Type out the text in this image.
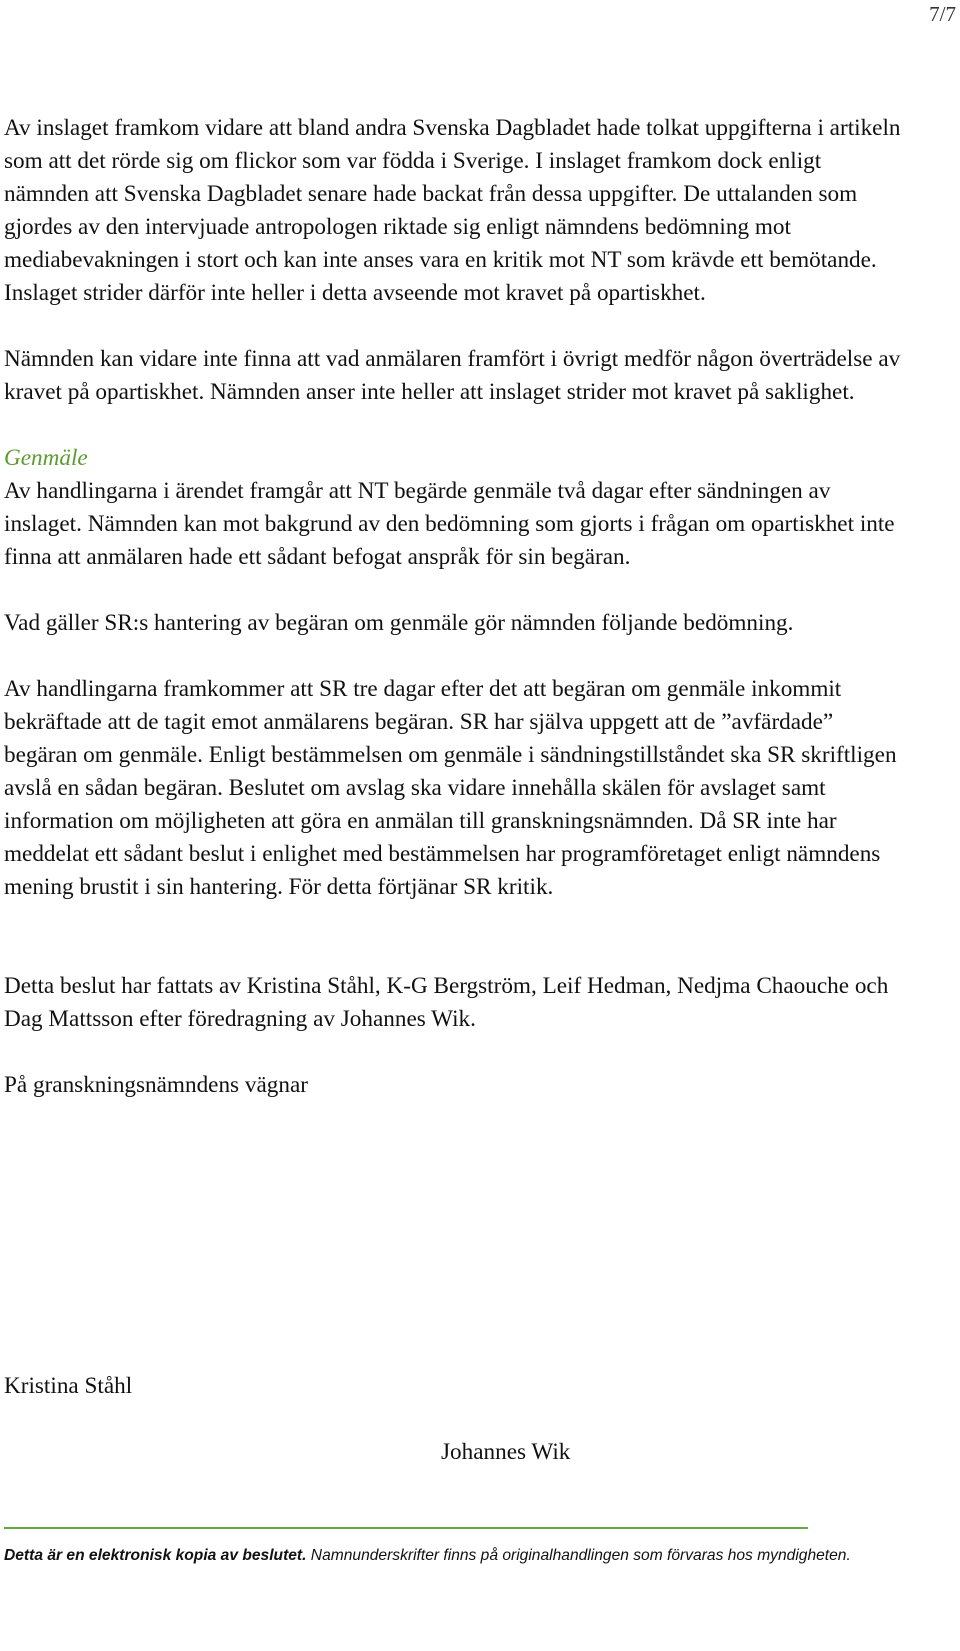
7/7

Av inslaget framkom vidare att bland andra Svenska Dagbladet hade tolkat uppgifterna i artikeln som att det rörde sig om flickor som var födda i Sverige. I inslaget framkom dock enligt nämnden att Svenska Dagbladet senare hade backat från dessa uppgifter. De uttalanden som gjordes av den intervjuade antropologen riktade sig enligt nämndens bedömning mot mediabevakningen i stort och kan inte anses vara en kritik mot NT som krävde ett bemötande. Inslaget strider därför inte heller i detta avseende mot kravet på opartiskhet.

Nämnden kan vidare inte finna att vad anmälaren framfört i övrigt medför någon överträdelse av kravet på opartiskhet. Nämnden anser inte heller att inslaget strider mot kravet på saklighet.

Genmäle

Av handlingarna i ärendet framgår att NT begärde genmäle två dagar efter sändningen av inslaget. Nämnden kan mot bakgrund av den bedömning som gjorts i frågan om opartiskhet inte finna att anmälaren hade ett sådant befogat anspråk för sin begäran.

Vad gäller SR:s hantering av begäran om genmäle gör nämnden följande bedömning.

Av handlingarna framkommer att SR tre dagar efter det att begäran om genmäle inkommit bekräftade att de tagit emot anmälarens begäran. SR har själva uppgett att de ”avfärdade” begäran om genmäle. Enligt bestämmelsen om genmäle i sändningstillståndet ska SR skriftligen avslå en sådan begäran. Beslutet om avslag ska vidare innehålla skälen för avslaget samt information om möjligheten att göra en anmälan till granskningsnämnden. Då SR inte har meddelat ett sådant beslut i enlighet med bestämmelsen har programföretaget enligt nämndens mening brustit i sin hantering. För detta förtjänar SR kritik.

Detta beslut har fattats av Kristina Ståhl, K-G Bergström, Leif Hedman, Nedjma Chaouche och Dag Mattsson efter föredragning av Johannes Wik.

På granskningsnämndens vägnar

Kristina Ståhl
Johannes Wik
Detta är en elektronisk kopia av beslutet. Namnunderskrifter finns på originalhandlingen som förvaras hos myndigheten.
